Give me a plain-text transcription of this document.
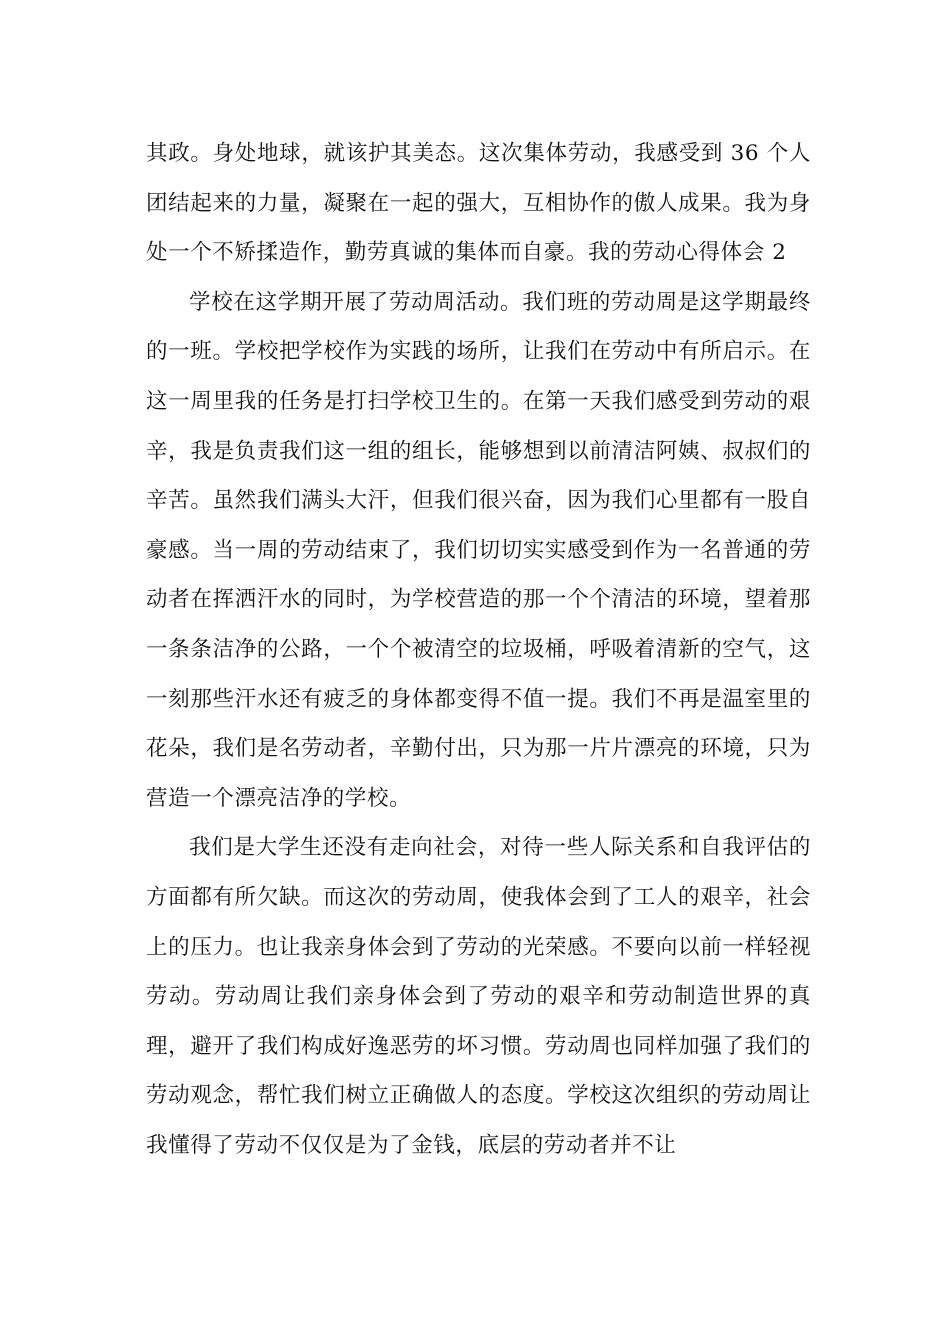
其政。身处地球，就该护其美态。这次集体劳动，我感受到 36 个人团结起来的力量，凝聚在一起的强大，互相协作的傲人成果。我为身处一个不矫揉造作，勤劳真诚的集体而自豪。我的劳动心得体会 2

学校在这学期开展了劳动周活动。我们班的劳动周是这学期最终的一班。学校把学校作为实践的场所，让我们在劳动中有所启示。在这一周里我的任务是打扫学校卫生的。在第一天我们感受到劳动的艰辛，我是负责我们这一组的组长，能够想到以前清洁阿姨、叔叔们的辛苦。虽然我们满头大汗，但我们很兴奋，因为我们心里都有一股自豪感。当一周的劳动结束了，我们切切实实感受到作为一名普通的劳动者在挥洒汗水的同时，为学校营造的那一个个清洁的环境，望着那一条条洁净的公路，一个个被清空的垃圾桶，呼吸着清新的空气，这一刻那些汗水还有疲乏的身体都变得不值一提。我们不再是温室里的花朵，我们是名劳动者，辛勤付出，只为那一片片漂亮的环境，只为营造一个漂亮洁净的学校。

我们是大学生还没有走向社会，对待一些人际关系和自我评估的方面都有所欠缺。而这次的劳动周，使我体会到了工人的艰辛，社会上的压力。也让我亲身体会到了劳动的光荣感。不要向以前一样轻视劳动。劳动周让我们亲身体会到了劳动的艰辛和劳动制造世界的真理，避开了我们构成好逸恶劳的坏习惯。劳动周也同样加强了我们的劳动观念，帮忙我们树立正确做人的态度。学校这次组织的劳动周让我懂得了劳动不仅仅是为了金钱，底层的劳动者并不让
